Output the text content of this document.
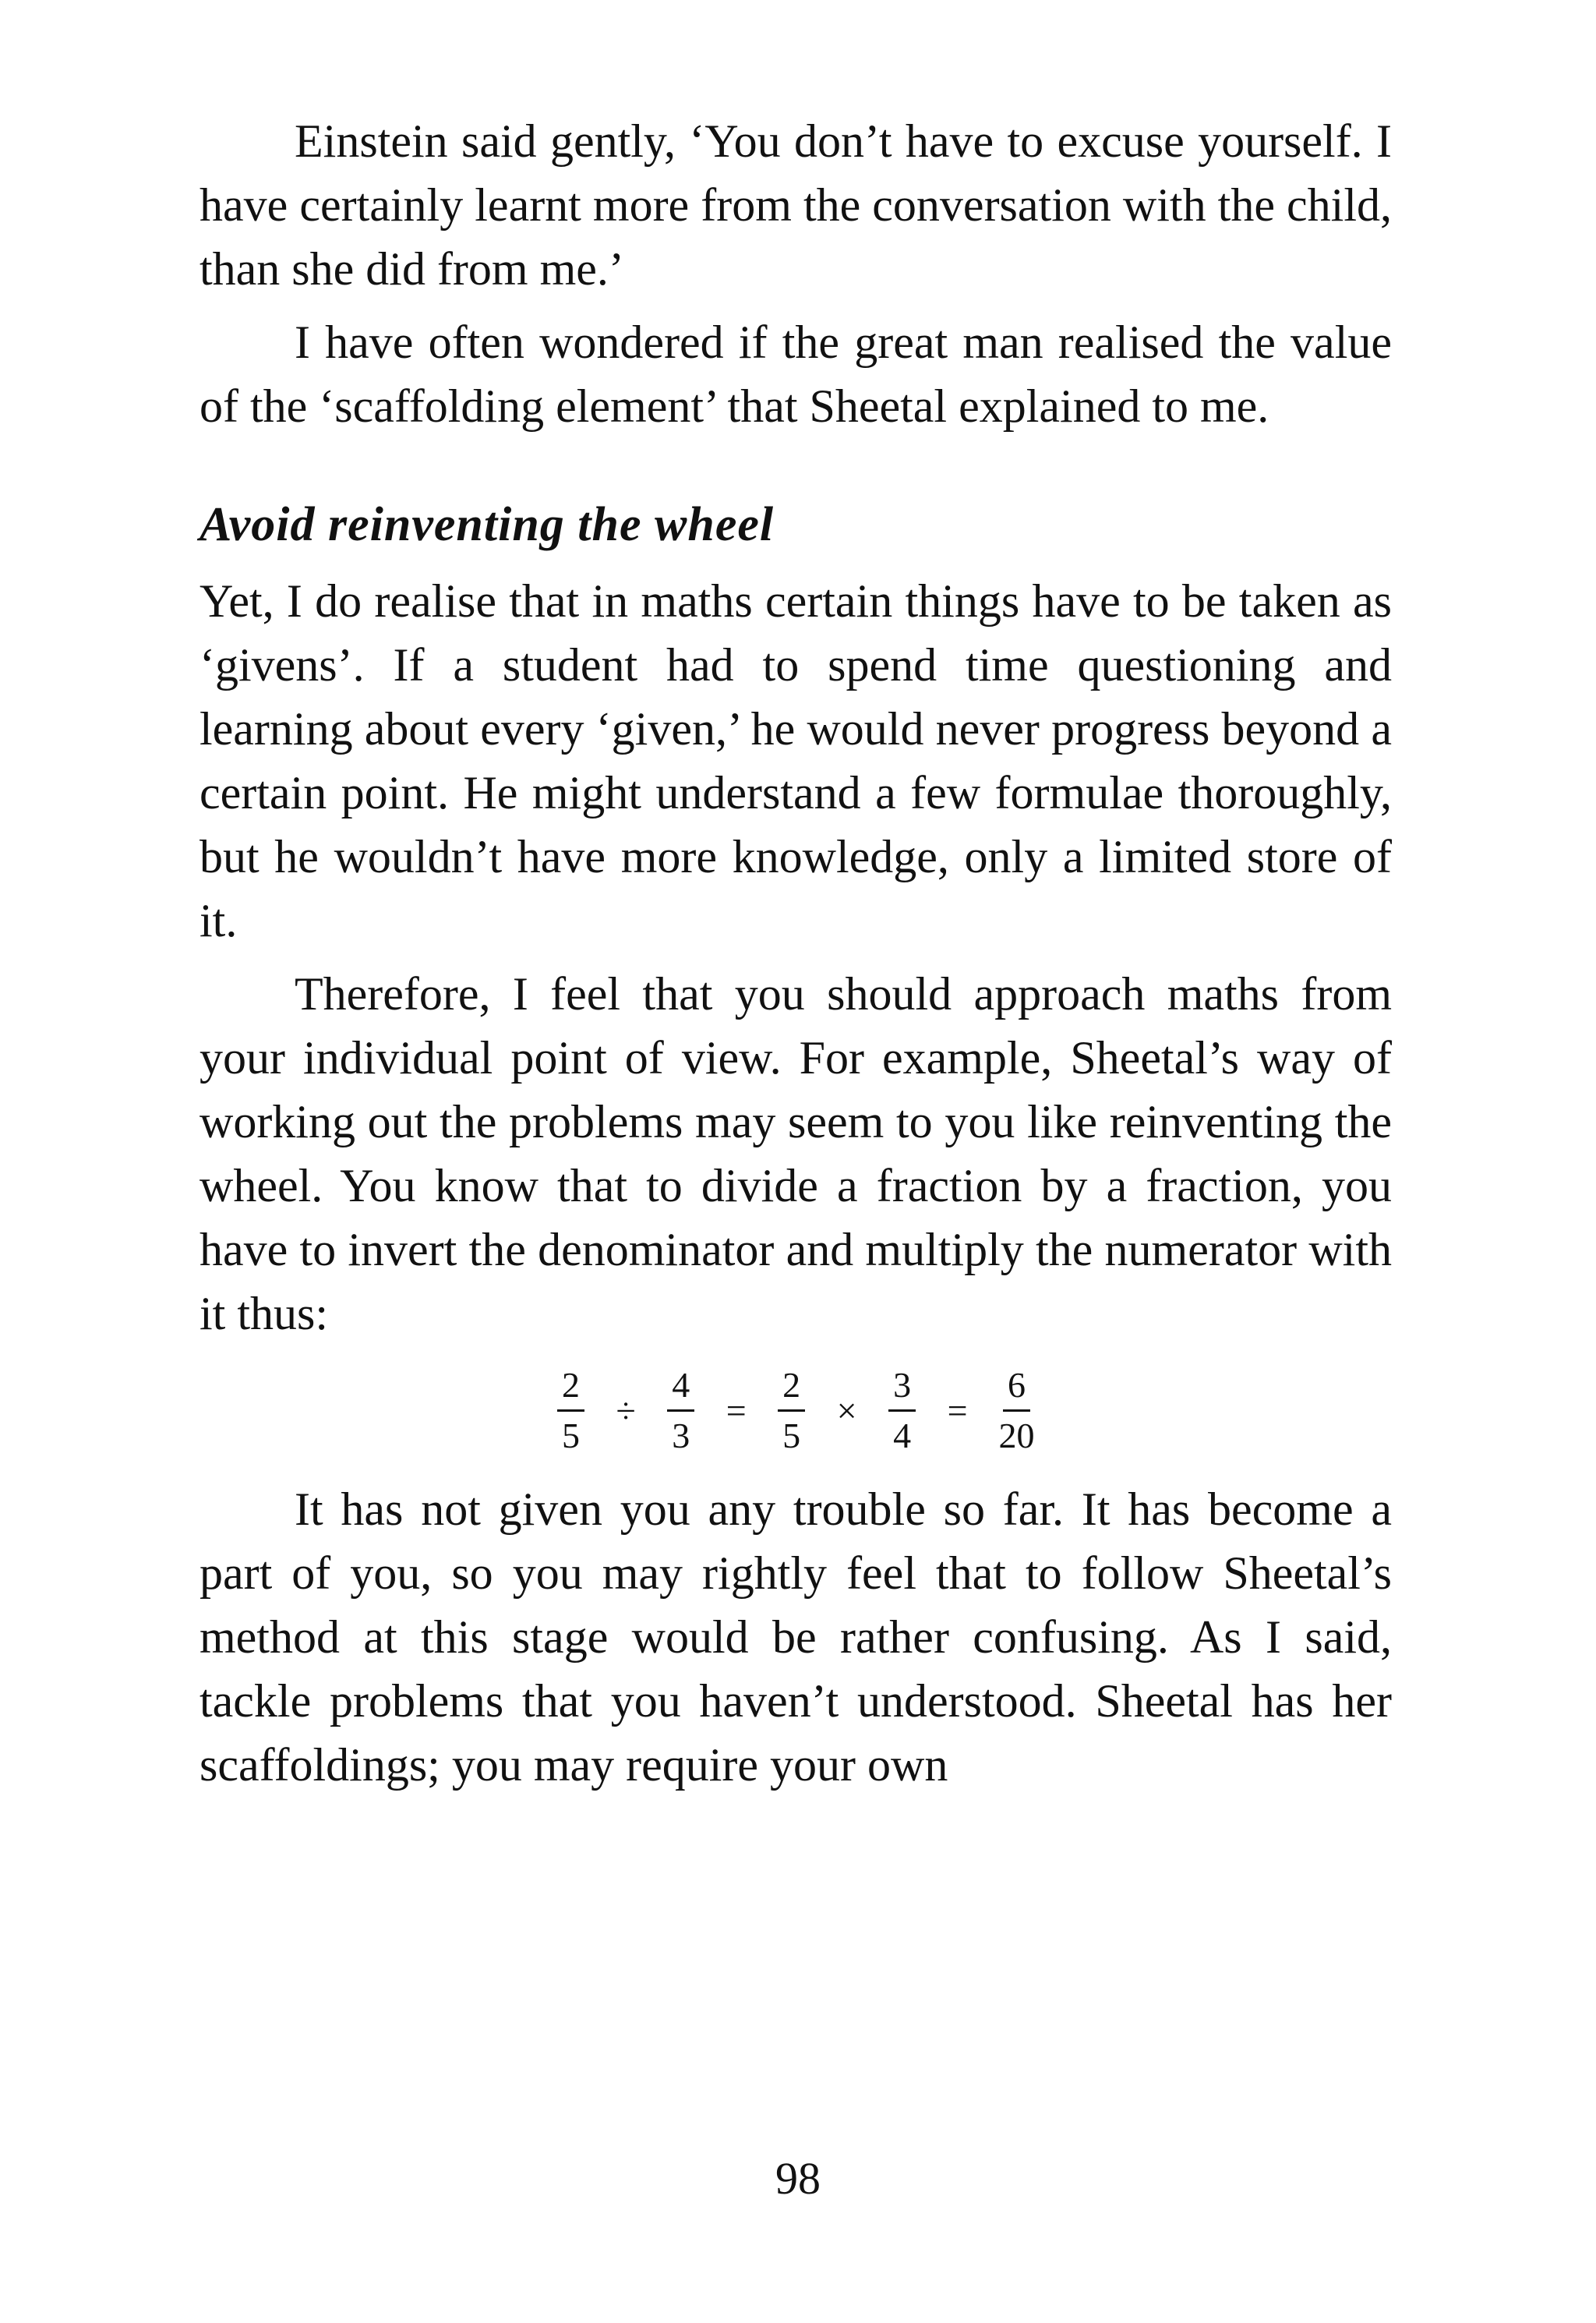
Einstein said gently, ‘You don’t have to excuse yourself. I have certainly learnt more from the conversation with the child, than she did from me.’

I have often wondered if the great man realised the value of the ‘scaffolding element’ that Sheetal explained to me.

Avoid reinventing the wheel

Yet, I do realise that in maths certain things have to be taken as ‘givens’. If a student had to spend time questioning and learning about every ‘given,’ he would never progress beyond a certain point. He might understand a few formulae thoroughly, but he wouldn’t have more knowledge, only a limited store of it.

Therefore, I feel that you should approach maths from your individual point of view. For example, Sheetal’s way of working out the problems may seem to you like reinventing the wheel. You know that to divide a fraction by a fraction, you have to invert the denominator and multiply the numerator with it thus:

$\frac{2}{5} \div \frac{4}{3} = \frac{2}{5} \times \frac{3}{4} = \frac{6}{20}$

It has not given you any trouble so far. It has become a part of you, so you may rightly feel that to follow Sheetal’s method at this stage would be rather confusing. As I said, tackle problems that you haven’t understood. Sheetal has her scaffoldings; you may require your own

98
